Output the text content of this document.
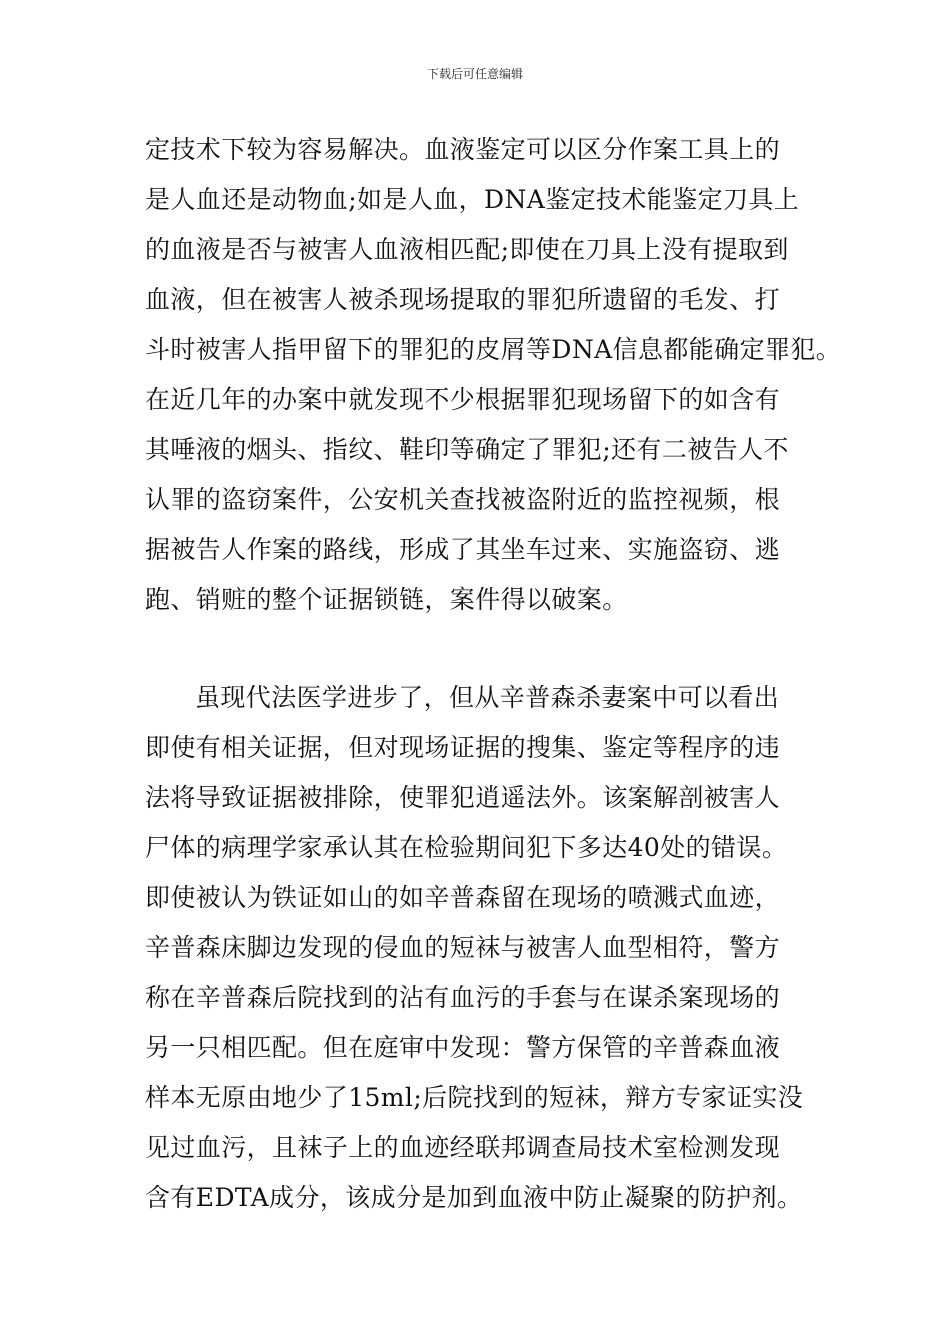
下载后可任意编辑
定技术下较为容易解决。血液鉴定可以区分作案工具上的
是人血还是动物血;如是人血，DNA鉴定技术能鉴定刀具上
的血液是否与被害人血液相匹配;即使在刀具上没有提取到
血液，但在被害人被杀现场提取的罪犯所遗留的毛发、打
斗时被害人指甲留下的罪犯的皮屑等DNA信息都能确定罪犯。
在近几年的办案中就发现不少根据罪犯现场留下的如含有
其唾液的烟头、指纹、鞋印等确定了罪犯;还有二被告人不
认罪的盗窃案件，公安机关查找被盗附近的监控视频，根
据被告人作案的路线，形成了其坐车过来、实施盗窃、逃
跑、销赃的整个证据锁链，案件得以破案。
虽现代法医学进步了，但从辛普森杀妻案中可以看出
即使有相关证据，但对现场证据的搜集、鉴定等程序的违
法将导致证据被排除，使罪犯逍遥法外。该案解剖被害人
尸体的病理学家承认其在检验期间犯下多达40处的错误。
即使被认为铁证如山的如辛普森留在现场的喷溅式血迹，
辛普森床脚边发现的侵血的短袜与被害人血型相符，警方
称在辛普森后院找到的沾有血污的手套与在谋杀案现场的
另一只相匹配。但在庭审中发现：警方保管的辛普森血液
样本无原由地少了15ml;后院找到的短袜，辩方专家证实没
见过血污，且袜子上的血迹经联邦调查局技术室检测发现
含有EDTA成分，该成分是加到血液中防止凝聚的防护剂。
